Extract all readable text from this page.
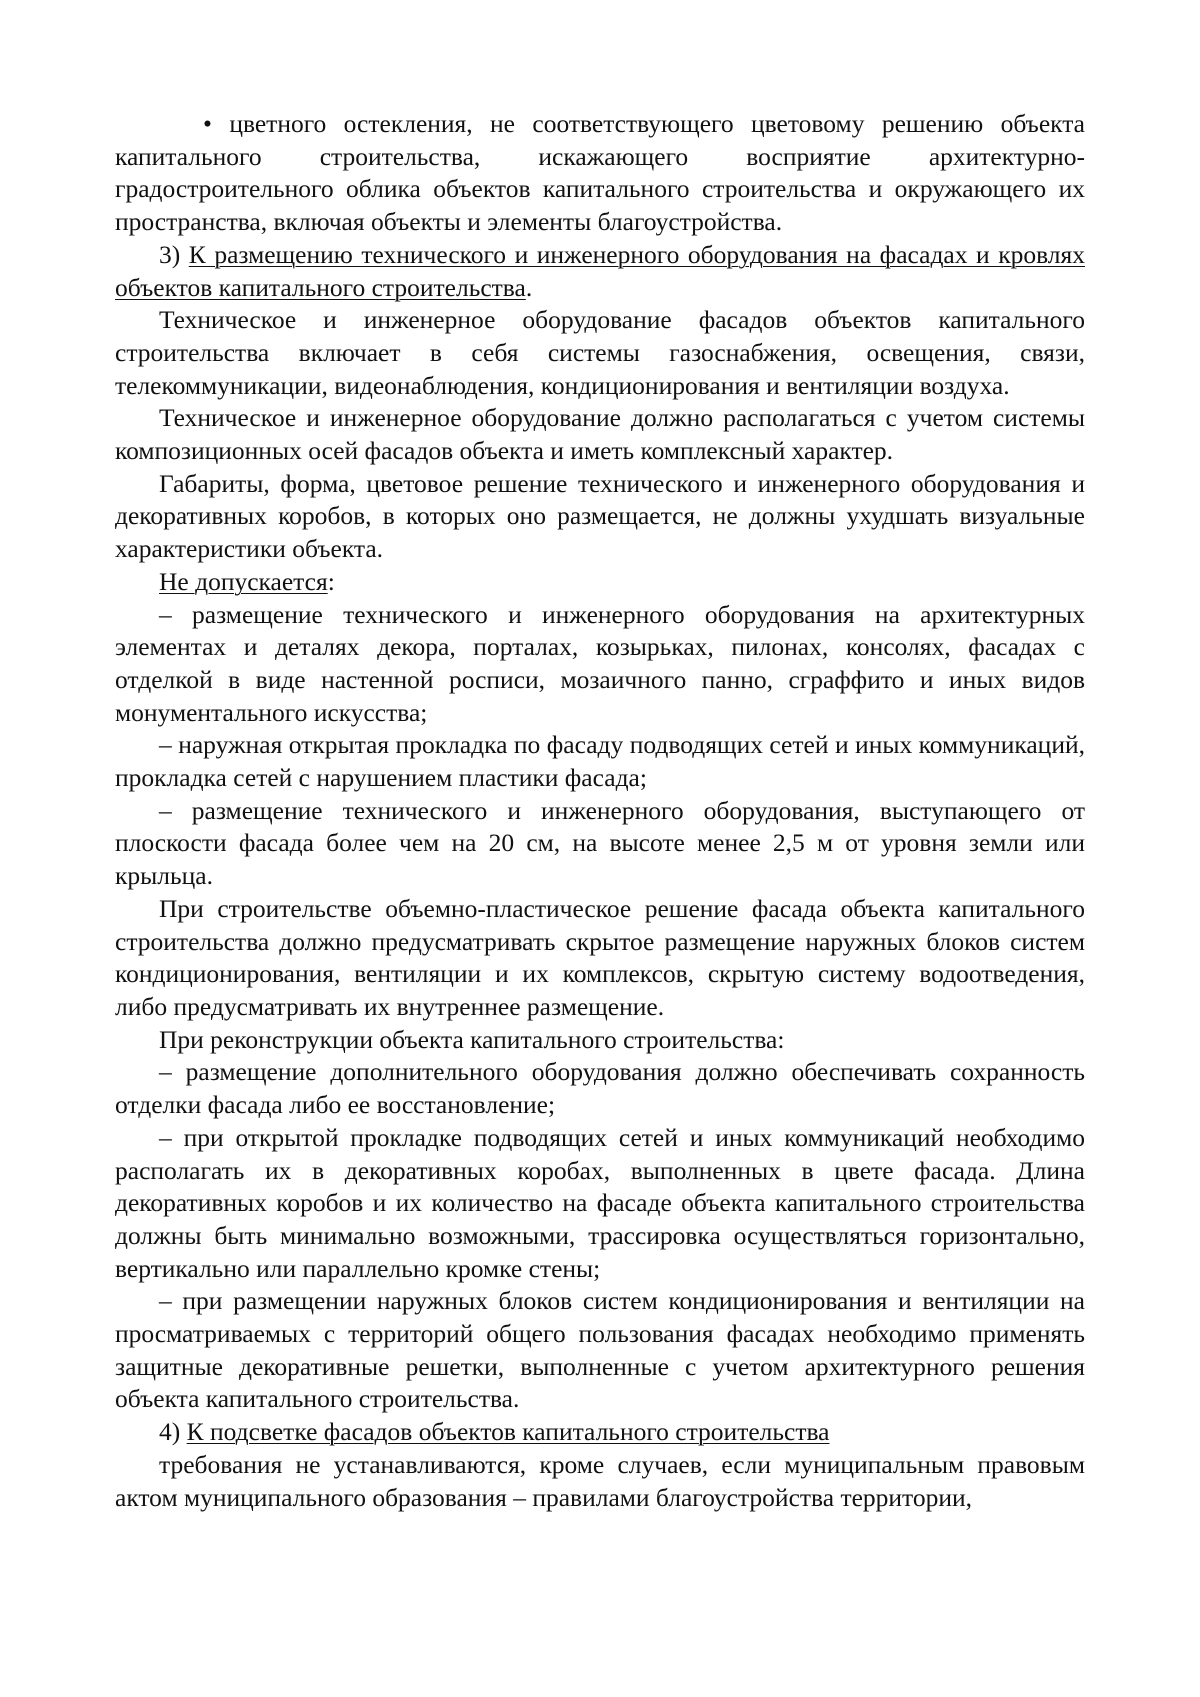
• цветного остекления, не соответствующего цветовому решению объекта капитального строительства, искажающего восприятие архитектурно-градостроительного облика объектов капитального строительства и окружающего их пространства, включая объекты и элементы благоустройства.

3) К размещению технического и инженерного оборудования на фасадах и кровлях объектов капитального строительства.

Техническое и инженерное оборудование фасадов объектов капитального строительства включает в себя системы газоснабжения, освещения, связи, телекоммуникации, видеонаблюдения, кондиционирования и вентиляции воздуха.

Техническое и инженерное оборудование должно располагаться с учетом системы композиционных осей фасадов объекта и иметь комплексный характер.

Габариты, форма, цветовое решение технического и инженерного оборудования и декоративных коробов, в которых оно размещается, не должны ухудшать визуальные характеристики объекта.

Не допускается:

– размещение технического и инженерного оборудования на архитектурных элементах и деталях декора, порталах, козырьках, пилонах, консолях, фасадах с отделкой в виде настенной росписи, мозаичного панно, сграффито и иных видов монументального искусства;

– наружная открытая прокладка по фасаду подводящих сетей и иных коммуникаций, прокладка сетей с нарушением пластики фасада;

– размещение технического и инженерного оборудования, выступающего от плоскости фасада более чем на 20 см, на высоте менее 2,5 м от уровня земли или крыльца.

При строительстве объемно-пластическое решение фасада объекта капитального строительства должно предусматривать скрытое размещение наружных блоков систем кондиционирования, вентиляции и их комплексов, скрытую систему водоотведения, либо предусматривать их внутреннее размещение.

При реконструкции объекта капитального строительства:

– размещение дополнительного оборудования должно обеспечивать сохранность отделки фасада либо ее восстановление;

– при открытой прокладке подводящих сетей и иных коммуникаций необходимо располагать их в декоративных коробах, выполненных в цвете фасада. Длина декоративных коробов и их количество на фасаде объекта капитального строительства должны быть минимально возможными, трассировка осуществляться горизонтально, вертикально или параллельно кромке стены;

– при размещении наружных блоков систем кондиционирования и вентиляции на просматриваемых с территорий общего пользования фасадах необходимо применять защитные декоративные решетки, выполненные с учетом архитектурного решения объекта капитального строительства.

4) К подсветке фасадов объектов капитального строительства

требования не устанавливаются, кроме случаев, если муниципальным правовым актом муниципального образования – правилами благоустройства территории,
